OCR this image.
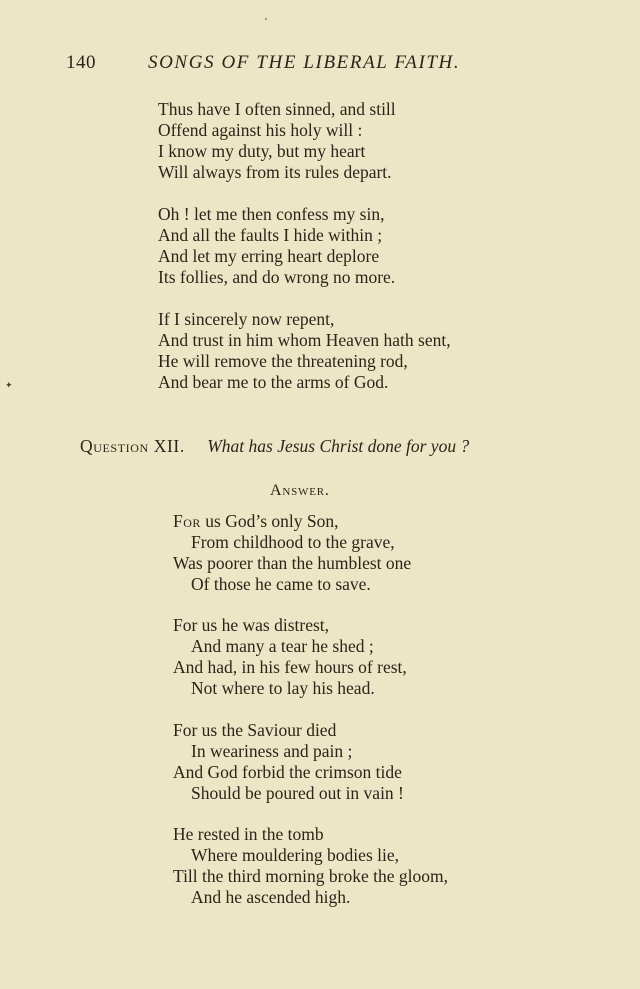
140	SONGS OF THE LIBERAL FAITH.
Thus have I often sinned, and still
Offend against his holy will :
I know my duty, but my heart
Will always from its rules depart.
Oh ! let me then confess my sin,
And all the faults I hide within ;
And let my erring heart deplore
Its follies, and do wrong no more.
If I sincerely now repent,
And trust in him whom Heaven hath sent,
He will remove the threatening rod,
And bear me to the arms of God.
✦
Question XII. What has Jesus Christ done for you ?
Answer.
For us God’s only Son,
From childhood to the grave,
Was poorer than the humblest one
Of those he came to save.
For us he was distrest,
And many a tear he shed ;
And had, in his few hours of rest,
Not where to lay his head.
For us the Saviour died
In weariness and pain ;
And God forbid the crimson tide
Should be poured out in vain !
He rested in the tomb
Where mouldering bodies lie,
Till the third morning broke the gloom,
And he ascended high.
